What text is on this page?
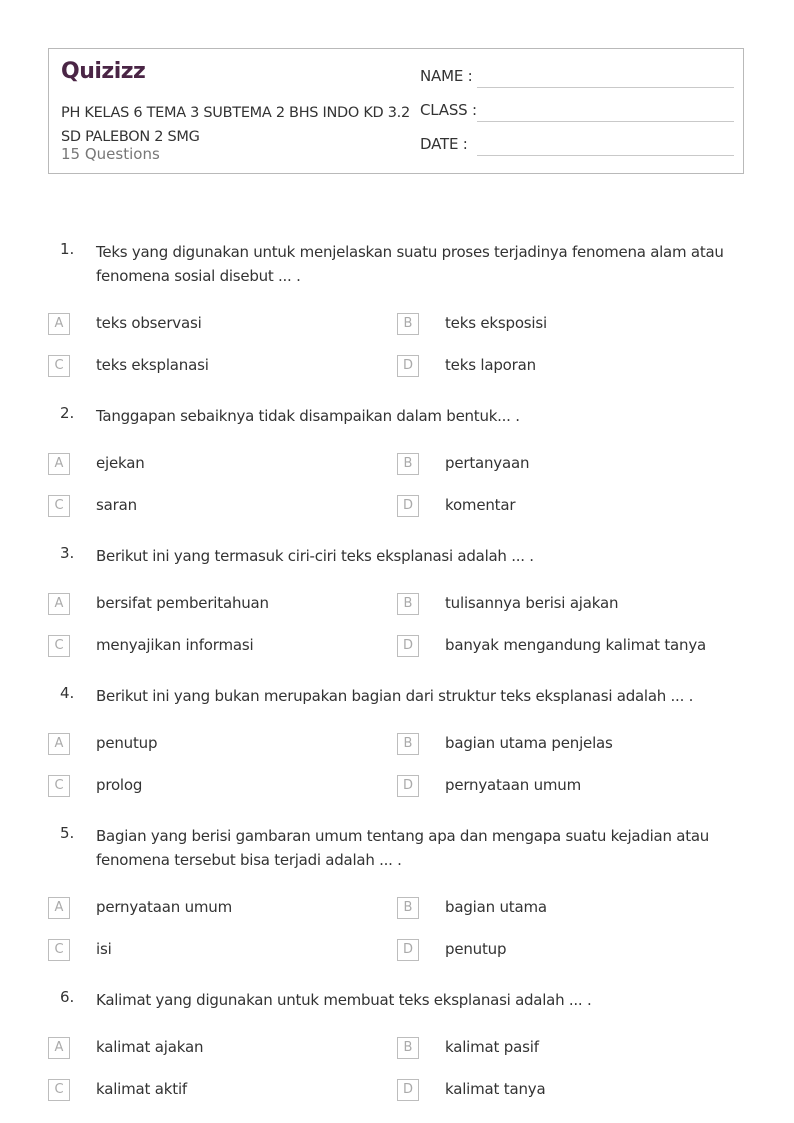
Quizizz
PH KELAS 6 TEMA 3 SUBTEMA 2 BHS INDO KD 3.2 SD PALEBON 2 SMG
15 Questions
NAME :
CLASS :
DATE :
1. Teks yang digunakan untuk menjelaskan suatu proses terjadinya fenomena alam atau fenomena sosial disebut ... .
A	teks observasi	B	teks eksposisi
C	teks eksplanasi	D	teks laporan
2. Tanggapan sebaiknya tidak disampaikan dalam bentuk... .
A	ejekan	B	pertanyaan
C	saran	D	komentar
3. Berikut ini yang termasuk ciri-ciri teks eksplanasi adalah ... .
A	bersifat pemberitahuan	B	tulisannya berisi ajakan
C	menyajikan informasi	D	banyak mengandung kalimat tanya
4. Berikut ini yang bukan merupakan bagian dari struktur teks eksplanasi adalah ... .
A	penutup	B	bagian utama penjelas
C	prolog	D	pernyataan umum
5. Bagian yang berisi gambaran umum tentang apa dan mengapa suatu kejadian atau fenomena tersebut bisa terjadi adalah ... .
A	pernyataan umum	B	bagian utama
C	isi	D	penutup
6. Kalimat yang digunakan untuk membuat teks eksplanasi adalah ... .
A	kalimat ajakan	B	kalimat pasif
C	kalimat aktif	D	kalimat tanya
